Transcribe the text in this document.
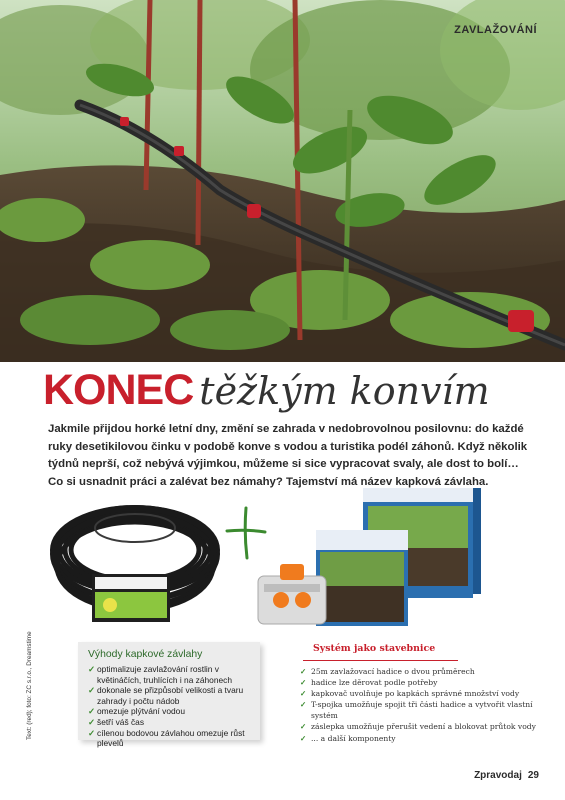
ZAVLAŽOVÁNÍ
KONEC těžkým konvím

Jakmile přijdou horké letní dny, změní se zahrada v nedobrovolnou posilovnu: do každé ruky desetikilovou činku v podobě konve s vodou a turistika podél záhonů. Když několik týdnů neprší, což nebývá výjimkou, můžeme si sice vypracovat svaly, ale dost to bolí… Co si usnadnit práci a zalévat bez námahy? Tajemství má název kapková závlaha.

Výhody kapkové závlahy
✓ optimalizuje zavlažování rostlin v květináčích, truhlících i na záhonech
✓ dokonale se přizpůsobí velikosti a tvaru zahrady i počtu nádob
✓ omezuje plýtvání vodou
✓ šetří váš čas
✓ cílenou bodovou závlahou omezuje růst plevelů
Systém jako stavebnice
✓ 25m zavlažovací hadice o dvou průměrech
✓ hadice lze děrovat podle potřeby
✓ kapkovač uvolňuje po kapkách správné množství vody
✓ T-spojka umožňuje spojit tři části hadice a vytvořit vlastní systém
✓ záslepka umožňuje přerušit vedení a blokovat průtok vody
✓ ... a další komponenty
Text: (red); foto: ZC s.r.o., Dreamstime
Zpravodaj 29
